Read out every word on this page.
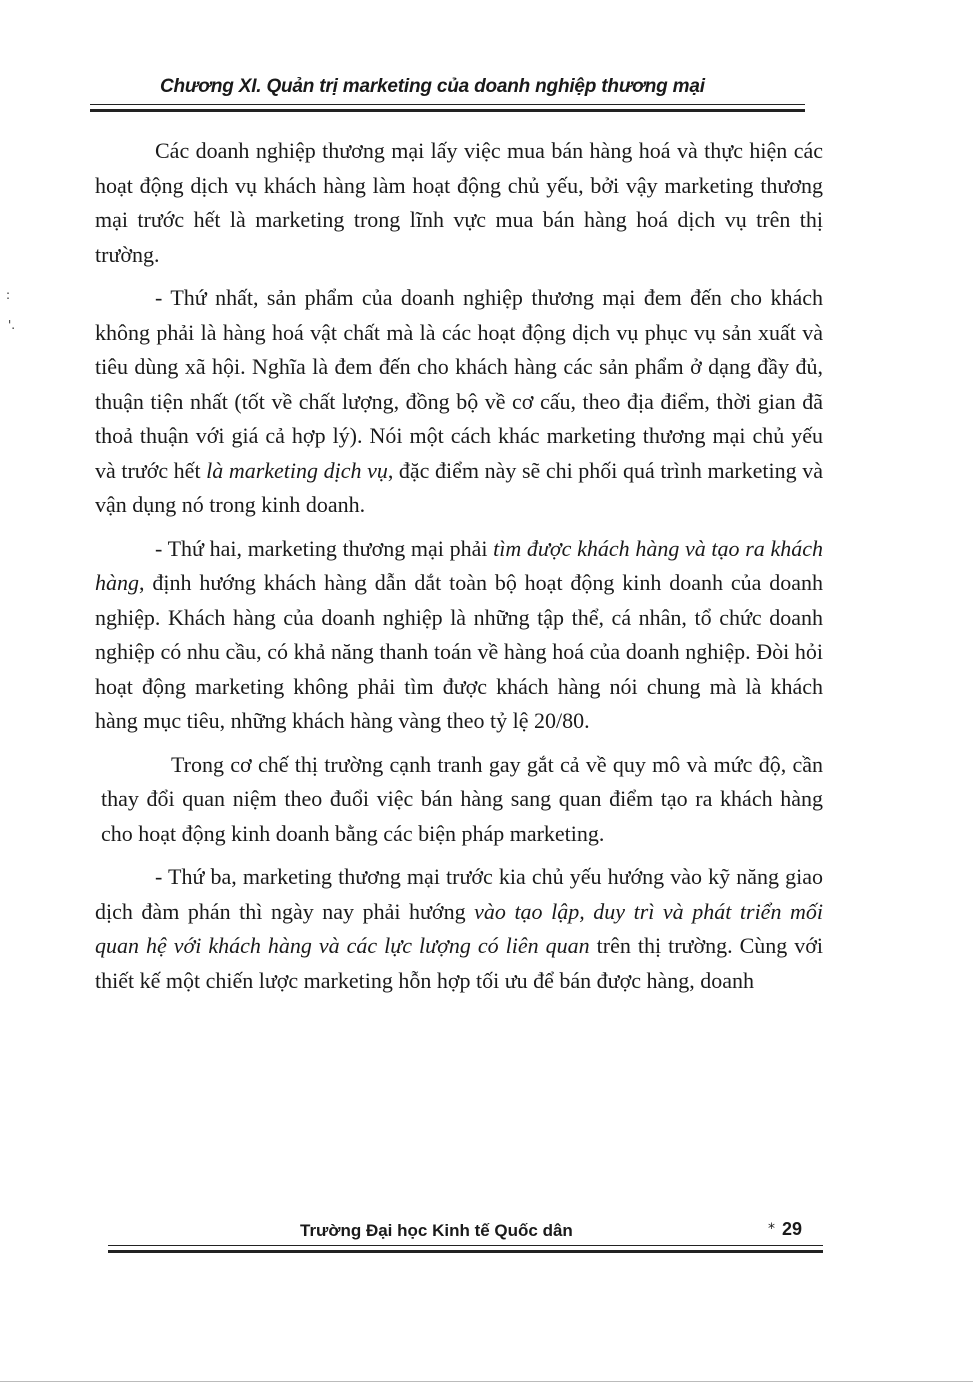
Chương XI. Quản trị marketing của doanh nghiệp thương mại
:
'.

Các doanh nghiệp thương mại lấy việc mua bán hàng hoá và thực hiện các hoạt động dịch vụ khách hàng làm hoạt động chủ yếu, bởi vậy marketing thương mại trước hết là marketing trong lĩnh vực mua bán hàng hoá dịch vụ trên thị trường.

- Thứ nhất, sản phẩm của doanh nghiệp thương mại đem đến cho khách không phải là hàng hoá vật chất mà là các hoạt động dịch vụ phục vụ sản xuất và tiêu dùng xã hội. Nghĩa là đem đến cho khách hàng các sản phẩm ở dạng đầy đủ, thuận tiện nhất (tốt về chất lượng, đồng bộ về cơ cấu, theo địa điểm, thời gian đã thoả thuận với giá cả hợp lý). Nói một cách khác marketing thương mại chủ yếu và trước hết là marketing dịch vụ, đặc điểm này sẽ chi phối quá trình marketing và vận dụng nó trong kinh doanh.

- Thứ hai, marketing thương mại phải tìm được khách hàng và tạo ra khách hàng, định hướng khách hàng dẫn dắt toàn bộ hoạt động kinh doanh của doanh nghiệp. Khách hàng của doanh nghiệp là những tập thể, cá nhân, tổ chức doanh nghiệp có nhu cầu, có khả năng thanh toán về hàng hoá của doanh nghiệp. Đòi hỏi hoạt động marketing không phải tìm được khách hàng nói chung mà là khách hàng mục tiêu, những khách hàng vàng theo tỷ lệ 20/80.

Trong cơ chế thị trường cạnh tranh gay gắt cả về quy mô và mức độ, cần thay đổi quan niệm theo đuổi việc bán hàng sang quan điểm tạo ra khách hàng cho hoạt động kinh doanh bằng các biện pháp marketing.

- Thứ ba, marketing thương mại trước kia chủ yếu hướng vào kỹ năng giao dịch đàm phán thì ngày nay phải hướng vào tạo lập, duy trì và phát triển mối quan hệ với khách hàng và các lực lượng có liên quan trên thị trường. Cùng với thiết kế một chiến lược marketing hỗn hợp tối ưu để bán được hàng, doanh

Trường Đại học Kinh tế Quốc dân	* 29
